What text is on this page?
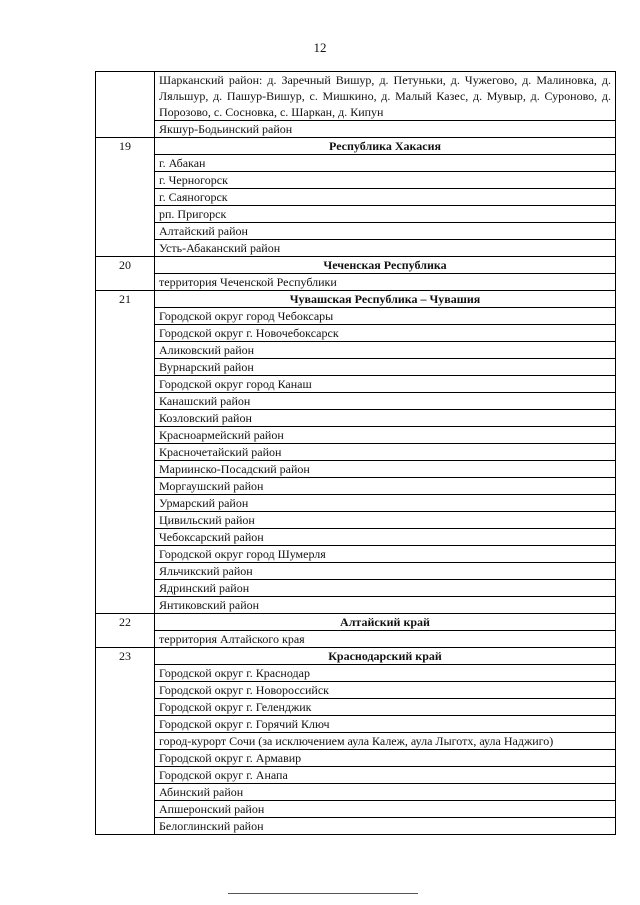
12
	Шарканский район: д. Заречный Вишур, д. Петуньки, д. Чужегово, д. Малиновка, д. Ляльшур, д. Пашур-Вишур, с. Мишкино, д. Малый Казес, д. Мувыр, д. Суроново, д. Порозово, с. Сосновка, с. Шаркан, д. Кипун
	Якшур-Бодьинский район
19	Республика Хакасия
	г. Абакан
	г. Черногорск
	г. Саяногорск
	рп. Пригорск
	Алтайский район
	Усть-Абаканский район
20	Чеченская Республика
	территория Чеченской Республики
21	Чувашская Республика – Чувашия
	Городской округ город Чебоксары
	Городской округ г. Новочебоксарск
	Аликовский район
	Вурнарский район
	Городской округ город Канаш
	Канашский район
	Козловский район
	Красноармейский район
	Красночетайский район
	Мариинско-Посадский район
	Моргаушский район
	Урмарский район
	Цивильский район
	Чебоксарский район
	Городской округ город Шумерля
	Яльчикский район
	Ядринский район
	Янтиковский район
22	Алтайский край
	территория Алтайского края
23	Краснодарский край
	Городской округ г. Краснодар
	Городской округ г. Новороссийск
	Городской округ г. Геленджик
	Городской округ г. Горячий Ключ
	город-курорт Сочи (за исключением аула Калеж, аула Лыготх, аула Наджиго)
	Городской округ г. Армавир
	Городской округ г. Анапа
	Абинский район
	Апшеронский район
	Белоглинский район
